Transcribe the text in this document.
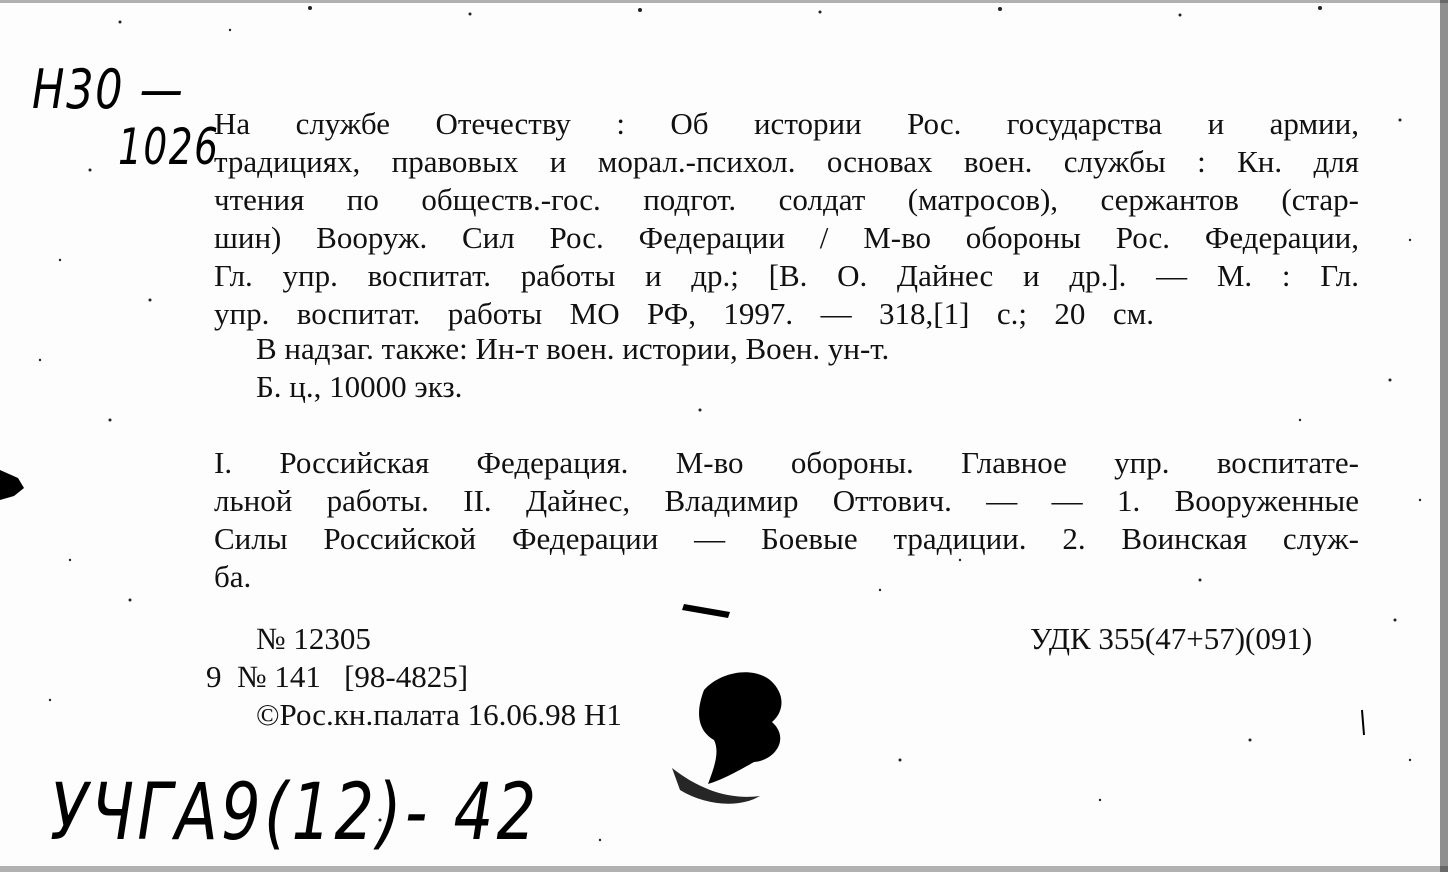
Н30 —
1026
На службе Отечеству : Об истории Рос. государства и армии,
традициях, правовых и морал.-психол. основах воен. службы : Кн. для
чтения по обществ.-гос. подгот. солдат (матросов), сержантов (стар-
шин) Вооруж. Сил Рос. Федерации / М-во обороны Рос. Федерации,
Гл. упр. воспитат. работы и др.; [В. О. Дайнес и др.]. — М. : Гл.
упр. воспитат. работы МО РФ, 1997. — 318,[1] с.; 20 см.
В надзаг. также: Ин-т воен. истории, Воен. ун-т.
Б. ц., 10000 экз.
I. Российская Федерация. М-во обороны. Главное упр. воспитате-
льной работы. II. Дайнес, Владимир Оттович. — — 1. Вооруженные
Силы Российской Федерации — Боевые традиции. 2. Воинская служ-
ба.
№ 12305
9  № 141   [98-4825]
©Рос.кн.палата 16.06.98 Н1
УДК 355(47+57)(091)
УЧГА9(12)- 42
